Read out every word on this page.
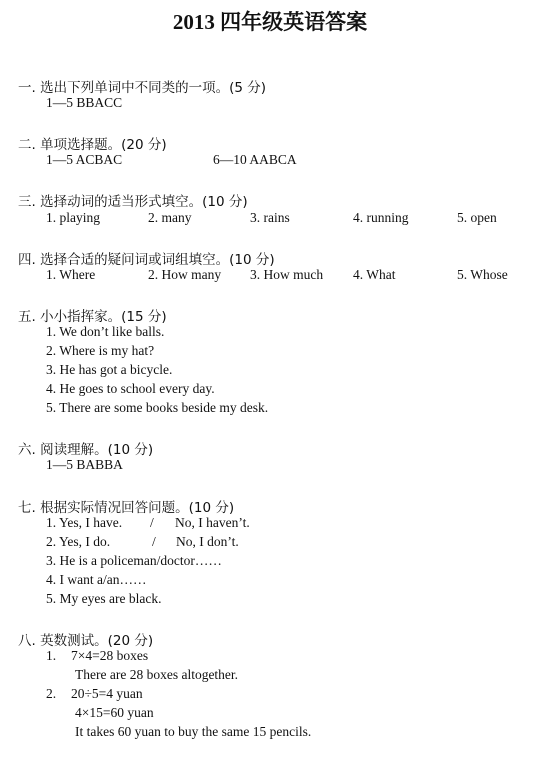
2013 四年级英语答案
一. 选出下列单词中不同类的一项。(5 分)
1—5 BBACC
二. 单项选择题。(20 分)
1—5 ACBAC	6—10 AABCA
三. 选择动词的适当形式填空。(10 分)
1. playing	2. many	3. rains	4. running	5. open
四. 选择合适的疑问词或词组填空。(10 分)
1. Where	2. How many 3. How much 4. What	5. Whose
五. 小小指挥家。(15 分)
1. We don’t like balls.
2. Where is my hat?
3. He has got a bicycle.
4. He goes to school every day.
5. There are some books beside my desk.
六. 阅读理解。(10 分)
1—5 BABBA
七. 根据实际情况回答问题。(10 分)
1. Yes, I have. / No, I haven’t.
2. Yes, I do.	/ No, I don’t.
3. He is a policeman/doctor……
4. I want a/an……
5. My eyes are black.
八. 英数测试。(20 分)
1. 7×4=28 boxes
There are 28 boxes altogether.
2. 20÷5=4 yuan
4×15=60 yuan
It takes 60 yuan to buy the same 15 pencils.
